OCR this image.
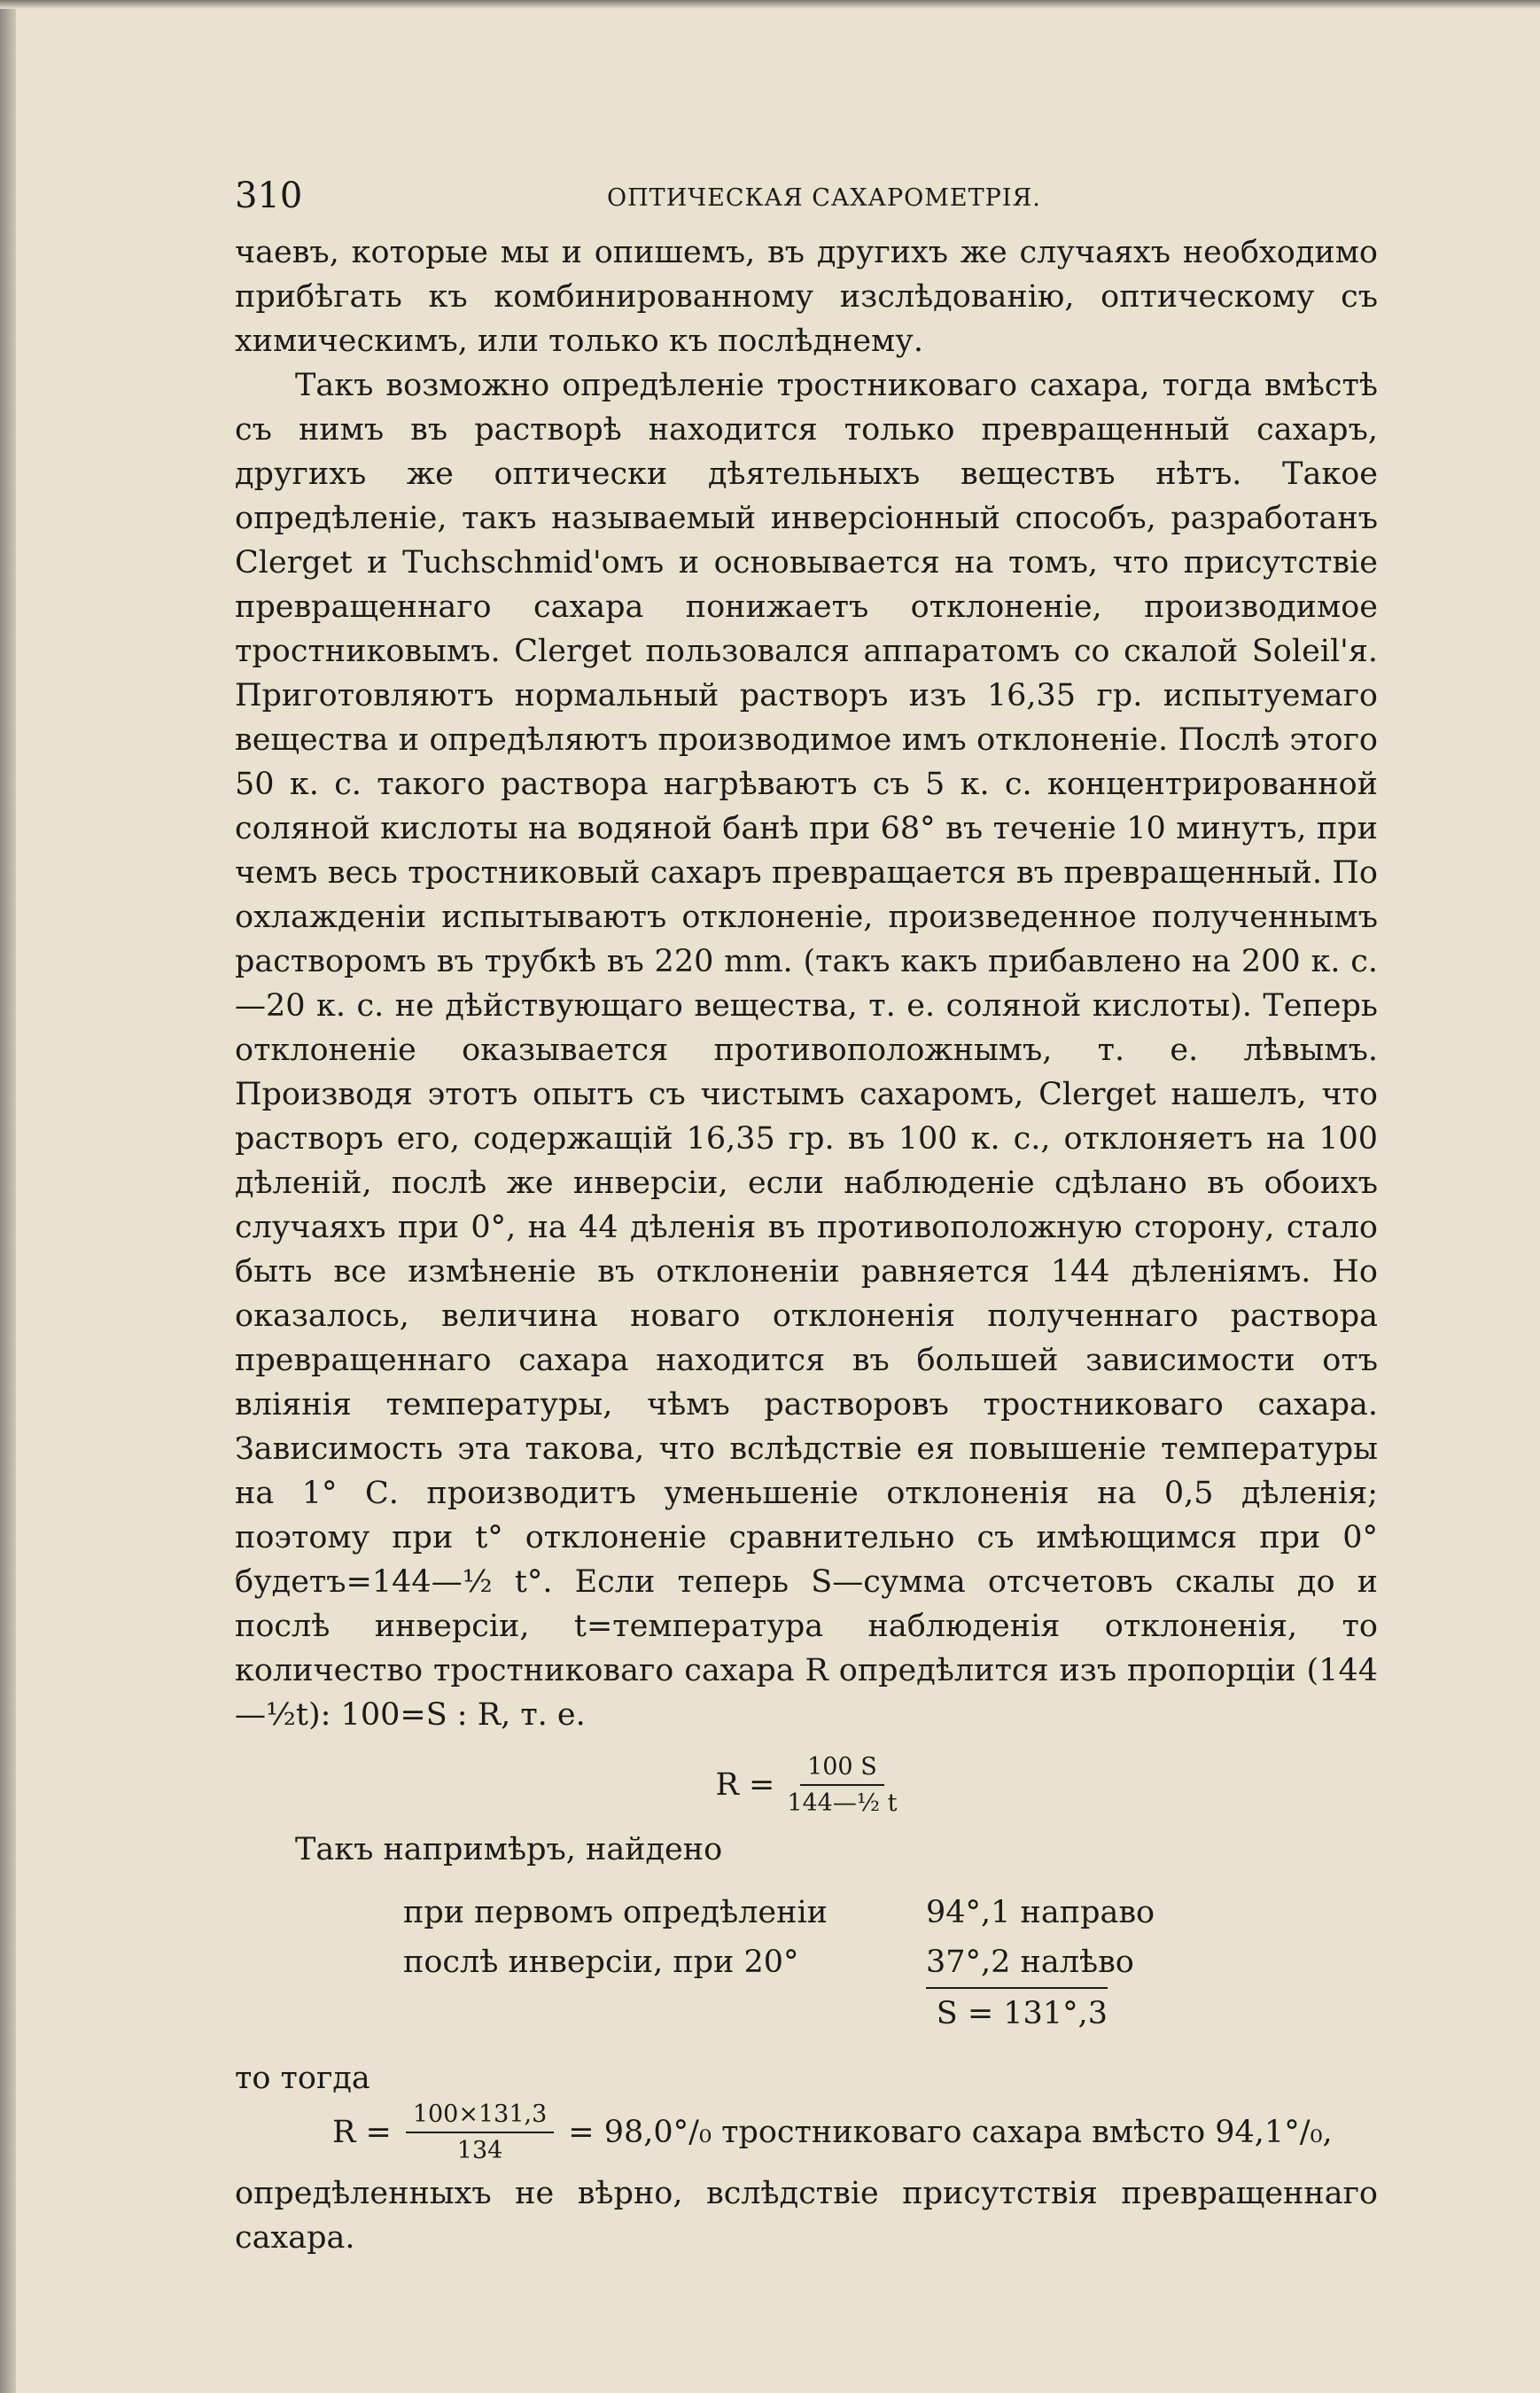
310	ОПТИЧЕСКАЯ САХАРОМЕТРІЯ.

чаевъ, которые мы и опишемъ, въ другихъ же случаяхъ необходимо прибѣгать къ комбинированному изслѣдованію, оптическому съ химическимъ, или только къ послѣднему.

Такъ возможно опредѣленіе тростниковаго сахара, тогда вмѣстѣ съ нимъ въ растворѣ находится только превращенный сахаръ, другихъ же оптически дѣятельныхъ веществъ нѣтъ. Такое опредѣленіе, такъ называемый инверсіонный способъ, разработанъ Clerget и Tuchschmid'омъ и основывается на томъ, что присутствіе превращеннаго сахара понижаетъ отклоненіе, производимое тростниковымъ. Clerget пользовался аппаратомъ со скалой Soleil'я. Приготовляютъ нормальный растворъ изъ 16,35 гр. испытуемаго вещества и опредѣляютъ производимое имъ отклоненіе. Послѣ этого 50 к. с. такого раствора нагрѣваютъ съ 5 к. с. концентрированной соляной кислоты на водяной банѣ при 68° въ теченіе 10 минутъ, при чемъ весь тростниковый сахаръ превращается въ превращенный. По охлажденіи испытываютъ отклоненіе, произведенное полученнымъ растворомъ въ трубкѣ въ 220 mm. (такъ какъ прибавлено на 200 к. с.—20 к. с. не дѣйствующаго вещества, т. е. соляной кислоты). Теперь отклоненіе оказывается противоположнымъ, т. е. лѣвымъ. Производя этотъ опытъ съ чистымъ сахаромъ, Clerget нашелъ, что растворъ его, содержащій 16,35 гр. въ 100 к. с., отклоняетъ на 100 дѣленій, послѣ же инверсіи, если наблюденіе сдѣлано въ обоихъ случаяхъ при 0°, на 44 дѣленія въ противоположную сторону, стало быть все измѣненіе въ отклоненіи равняется 144 дѣленіямъ. Но оказалось, величина новаго отклоненія полученнаго раствора превращеннаго сахара находится въ большей зависимости отъ вліянія температуры, чѣмъ растворовъ тростниковаго сахара. Зависимость эта такова, что вслѣдствіе ея повышеніе температуры на 1° С. производитъ уменьшеніе отклоненія на 0,5 дѣленія; поэтому при t° отклоненіе сравнительно съ имѣющимся при 0° будетъ=144—½ t°. Если теперь S—сумма отсчетовъ скалы до и послѣ инверсіи, t=температура наблюденія отклоненія, то количество тростниковаго сахара R опредѣлится изъ пропорціи (144—½t): 100=S : R, т. е.

$R = \frac{100 S}{\text{144—½ t}}$
Такъ напримѣръ, найдено
при первомъ опредѣленіи	94°,1 направо
послѣ инверсіи, при 20°	37°,2 налѣво
S = 131°,3
то тогда
$R = \frac{100\times 131,3}{134} = 98,0^\circ/_0$ тростниковаго сахара вмѣсто 94,1°/₀,

опредѣленныхъ не вѣрно, вслѣдствіе присутствія превращеннаго сахара.
